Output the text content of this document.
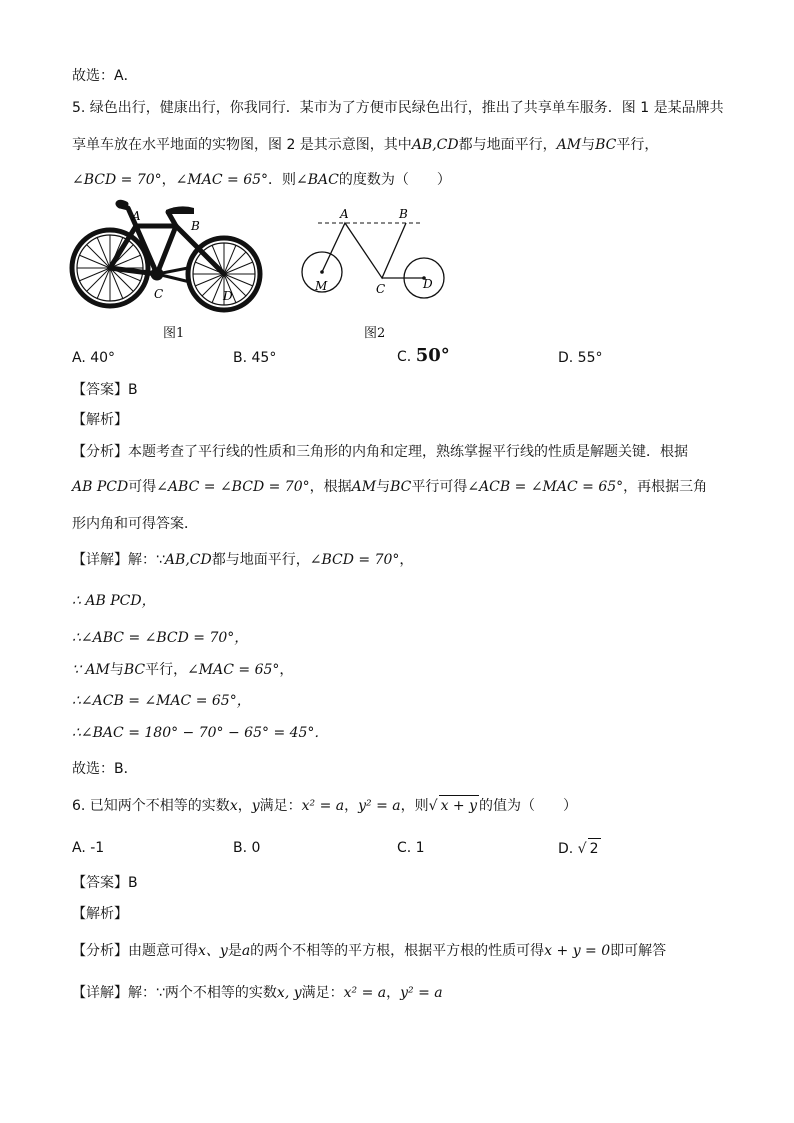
故选：A．
5. 绿色出行，健康出行，你我同行．某市为了方便市民绿色出行，推出了共享单车服务．图 1 是某品牌共
享单车放在水平地面的实物图，图 2 是其示意图，其中AB,CD都与地面平行，AM与BC平行，
∠BCD = 70°，∠MAC = 65°．则∠BAC的度数为（　　）
A
B
C	D
图1
A	B
M	C	D
图2
A. 40°	B. 45°	C. 50°	D. 55°
【答案】B
【解析】
【分析】本题考查了平行线的性质和三角形的内角和定理，熟练掌握平行线的性质是解题关键．根据
AB PCD可得∠ABC = ∠BCD = 70°，根据AM与BC平行可得∠ACB = ∠MAC = 65°，再根据三角
形内角和可得答案．
【详解】解：∵AB,CD都与地面平行，∠BCD = 70°，
∴ AB PCD，
∴∠ABC = ∠BCD = 70°，
∵ AM与BC平行，∠MAC = 65°，
∴∠ACB = ∠MAC = 65°，
∴∠BAC = 180° − 70° − 65° = 45°．
故选：B．
6. 已知两个不相等的实数x，y满足：x² = a，y² = a，则√ x + y 的值为（　　）
A. -1	B. 0	C. 1	D. √ 2
【答案】B
【解析】
【分析】由题意可得x、y是a的两个不相等的平方根，根据平方根的性质可得x + y = 0即可解答
【详解】解：∵两个不相等的实数x, y满足：x² = a，y² = a
